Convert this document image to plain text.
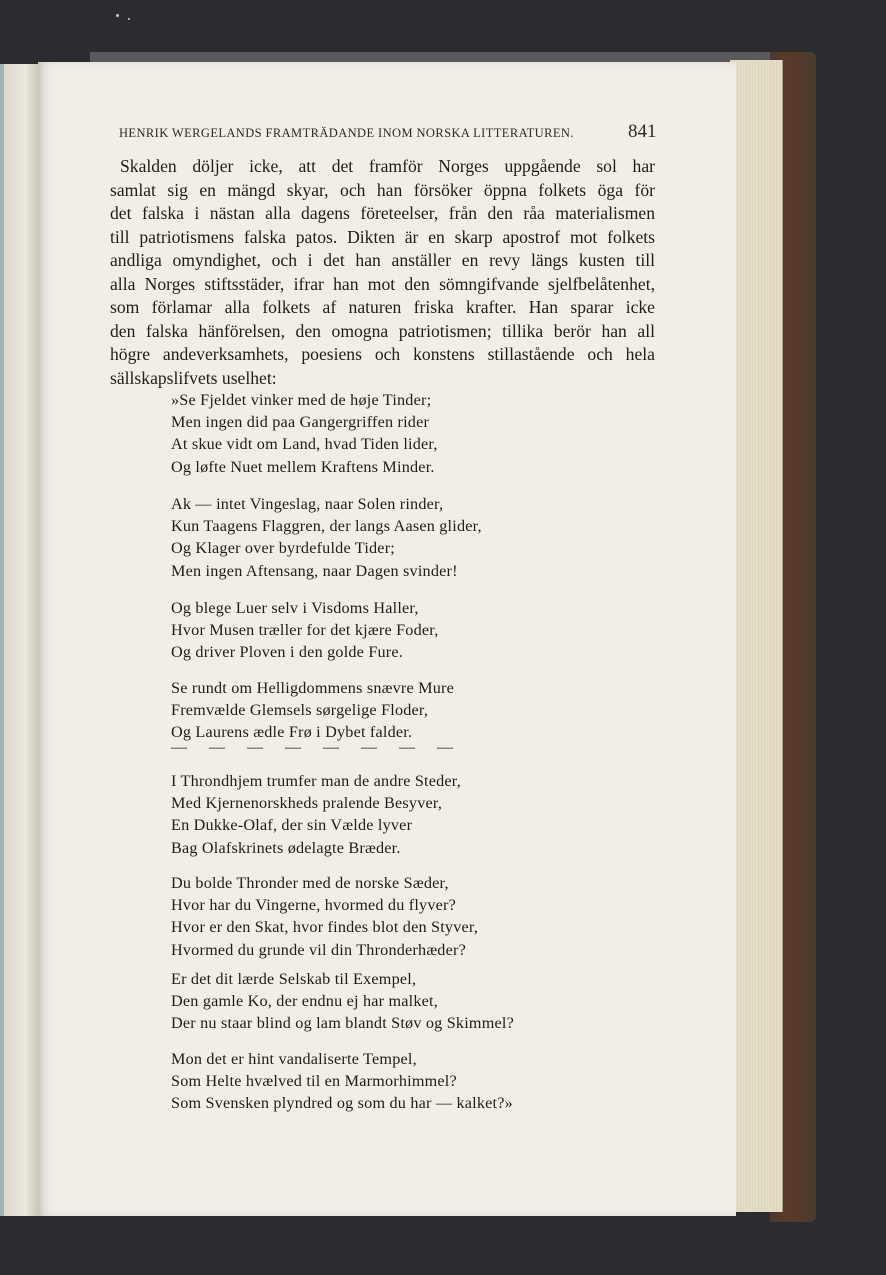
HENRIK WERGELANDS FRAMTRÄDANDE INOM NORSKA LITTERATUREN.	841
Skalden döljer icke, att det framför Norges uppgående sol har
samlat sig en mängd skyar, och han försöker öppna folkets öga för
det falska i nästan alla dagens företeelser, från den råa materialismen
till patriotismens falska patos. Dikten är en skarp apostrof mot folkets
andliga omyndighet, och i det han anställer en revy längs kusten till
alla Norges stiftsstäder, ifrar han mot den sömngifvande sjelfbelåtenhet,
som förlamar alla folkets af naturen friska krafter. Han sparar icke
den falska hänförelsen, den omogna patriotismen; tillika berör han all
högre andeverksamhets, poesiens och konstens stillastående och hela
sällskapslifvets uselhet:
»Se Fjeldet vinker med de høje Tinder;
Men ingen did paa Gangergriffen rider
At skue vidt om Land, hvad Tiden lider,
Og løfte Nuet mellem Kraftens Minder.
Ak — intet Vingeslag, naar Solen rinder,
Kun Taagens Flaggren, der langs Aasen glider,
Og Klager over byrdefulde Tider;
Men ingen Aftensang, naar Dagen svinder!
Og blege Luer selv i Visdoms Haller,
Hvor Musen træller for det kjære Foder,
Og driver Ploven i den golde Fure.
Se rundt om Helligdommens snævre Mure
Fremvælde Glemsels sørgelige Floder,
Og Laurens ædle Frø i Dybet falder.
— — — — — — — —
I Throndhjem trumfer man de andre Steder,
Med Kjernenorskheds pralende Besyver,
En Dukke-Olaf, der sin Vælde lyver
Bag Olafskrinets ødelagte Bræder.
Du bolde Thronder med de norske Sæder,
Hvor har du Vingerne, hvormed du flyver?
Hvor er den Skat, hvor findes blot den Styver,
Hvormed du grunde vil din Thronderhæder?
Er det dit lærde Selskab til Exempel,
Den gamle Ko, der endnu ej har malket,
Der nu staar blind og lam blandt Støv og Skimmel?
Mon det er hint vandaliserte Tempel,
Som Helte hvælved til en Marmorhimmel?
Som Svensken plyndred og som du har — kalket?»
